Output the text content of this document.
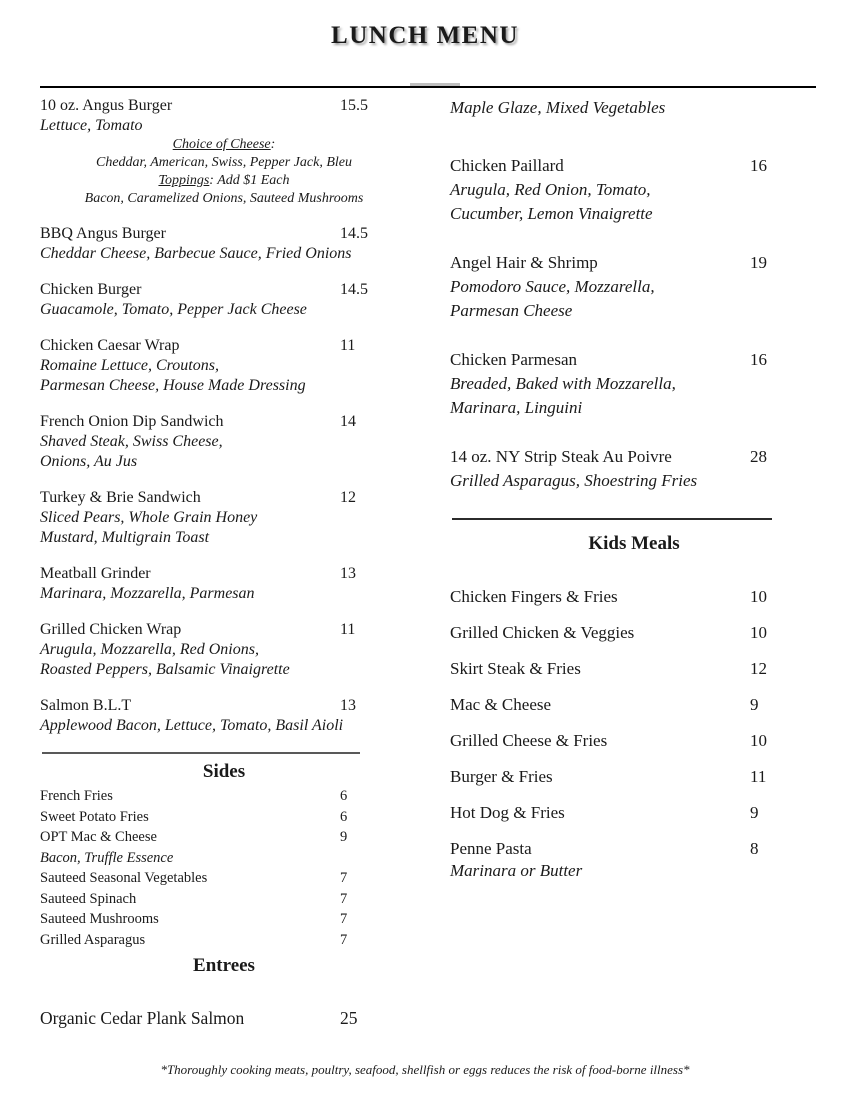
LUNCH MENU
10 oz. Angus Burger	15.5
Lettuce, Tomato
Choice of Cheese:
Cheddar, American, Swiss, Pepper Jack, Bleu
Toppings: Add $1 Each
Bacon, Caramelized Onions, Sauteed Mushrooms
BBQ Angus Burger	14.5
Cheddar Cheese, Barbecue Sauce, Fried Onions
Chicken Burger	14.5
Guacamole, Tomato, Pepper Jack Cheese
Chicken Caesar Wrap	11
Romaine Lettuce, Croutons,
Parmesan Cheese, House Made Dressing
French Onion Dip Sandwich	14
Shaved Steak, Swiss Cheese,
Onions, Au Jus
Turkey & Brie Sandwich	12
Sliced Pears, Whole Grain Honey
Mustard, Multigrain Toast
Meatball Grinder	13
Marinara, Mozzarella, Parmesan
Grilled Chicken Wrap	11
Arugula, Mozzarella, Red Onions,
Roasted Peppers, Balsamic Vinaigrette
Salmon B.L.T	13
Applewood Bacon, Lettuce, Tomato, Basil Aioli
Sides
French Fries	6
Sweet Potato Fries	6
OPT Mac & Cheese	9
Bacon, Truffle Essence
Sauteed Seasonal Vegetables	7
Sauteed Spinach	7
Sauteed Mushrooms	7
Grilled Asparagus	7
Entrees
Organic Cedar Plank Salmon	25
Maple Glaze, Mixed Vegetables
Chicken Paillard	16
Arugula, Red Onion, Tomato,
Cucumber, Lemon Vinaigrette
Angel Hair & Shrimp	19
Pomodoro Sauce, Mozzarella,
Parmesan Cheese
Chicken Parmesan	16
Breaded, Baked with Mozzarella,
Marinara, Linguini
14 oz. NY Strip Steak Au Poivre	28
Grilled Asparagus, Shoestring Fries
Kids Meals
Chicken Fingers & Fries	10
Grilled Chicken & Veggies	10
Skirt Steak & Fries	12
Mac & Cheese	9
Grilled Cheese & Fries	10
Burger & Fries	11
Hot Dog & Fries	9
Penne Pasta	8
Marinara or Butter
*Thoroughly cooking meats, poultry, seafood, shellfish or eggs reduces the risk of food-borne illness*
